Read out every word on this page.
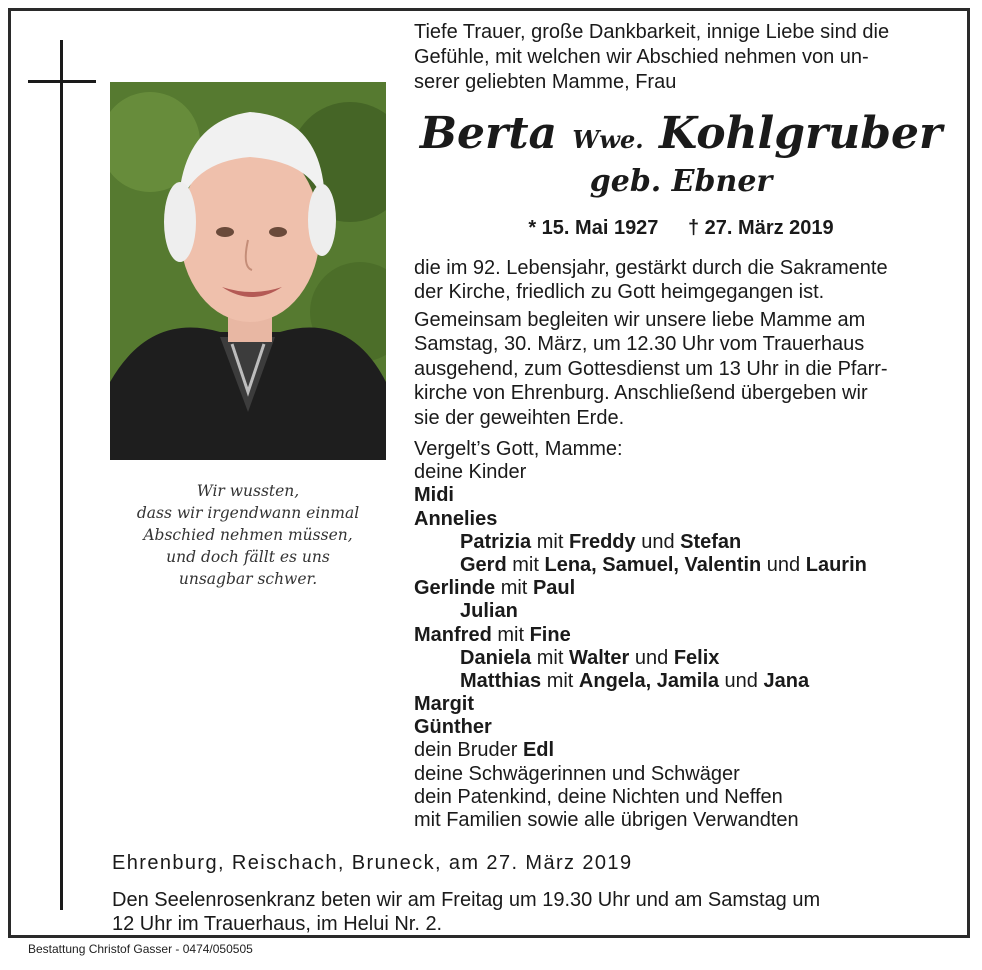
Wir wussten,
dass wir irgendwann einmal
Abschied nehmen müssen,
und doch fällt es uns
unsagbar schwer.
Tiefe Trauer, große Dankbarkeit, innige Liebe sind die
Gefühle, mit welchen wir Abschied nehmen von un-
serer geliebten Mamme, Frau
Berta Wwe. Kohlgruber
geb. Ebner
* 15. Mai 1927 † 27. März 2019
die im 92. Lebensjahr, gestärkt durch die Sakramente
der Kirche, friedlich zu Gott heimgegangen ist.
Gemeinsam begleiten wir unsere liebe Mamme am
Samstag, 30. März, um 12.30 Uhr vom Trauerhaus
ausgehend, zum Gottesdienst um 13 Uhr in die Pfarr-
kirche von Ehrenburg. Anschließend übergeben wir
sie der geweihten Erde.
Vergelt’s Gott, Mamme:
deine Kinder
Midi
Annelies
Patrizia mit Freddy und Stefan
Gerd mit Lena, Samuel, Valentin und Laurin
Gerlinde mit Paul
Julian
Manfred mit Fine
Daniela mit Walter und Felix
Matthias mit Angela, Jamila und Jana
Margit
Günther
dein Bruder Edl
deine Schwägerinnen und Schwäger
dein Patenkind, deine Nichten und Neffen
mit Familien sowie alle übrigen Verwandten
Ehrenburg, Reischach, Bruneck, am 27. März 2019
Den Seelenrosenkranz beten wir am Freitag um 19.30 Uhr und am Samstag um
12 Uhr im Trauerhaus, im Helui Nr. 2.
Bestattung Christof Gasser - 0474/050505
